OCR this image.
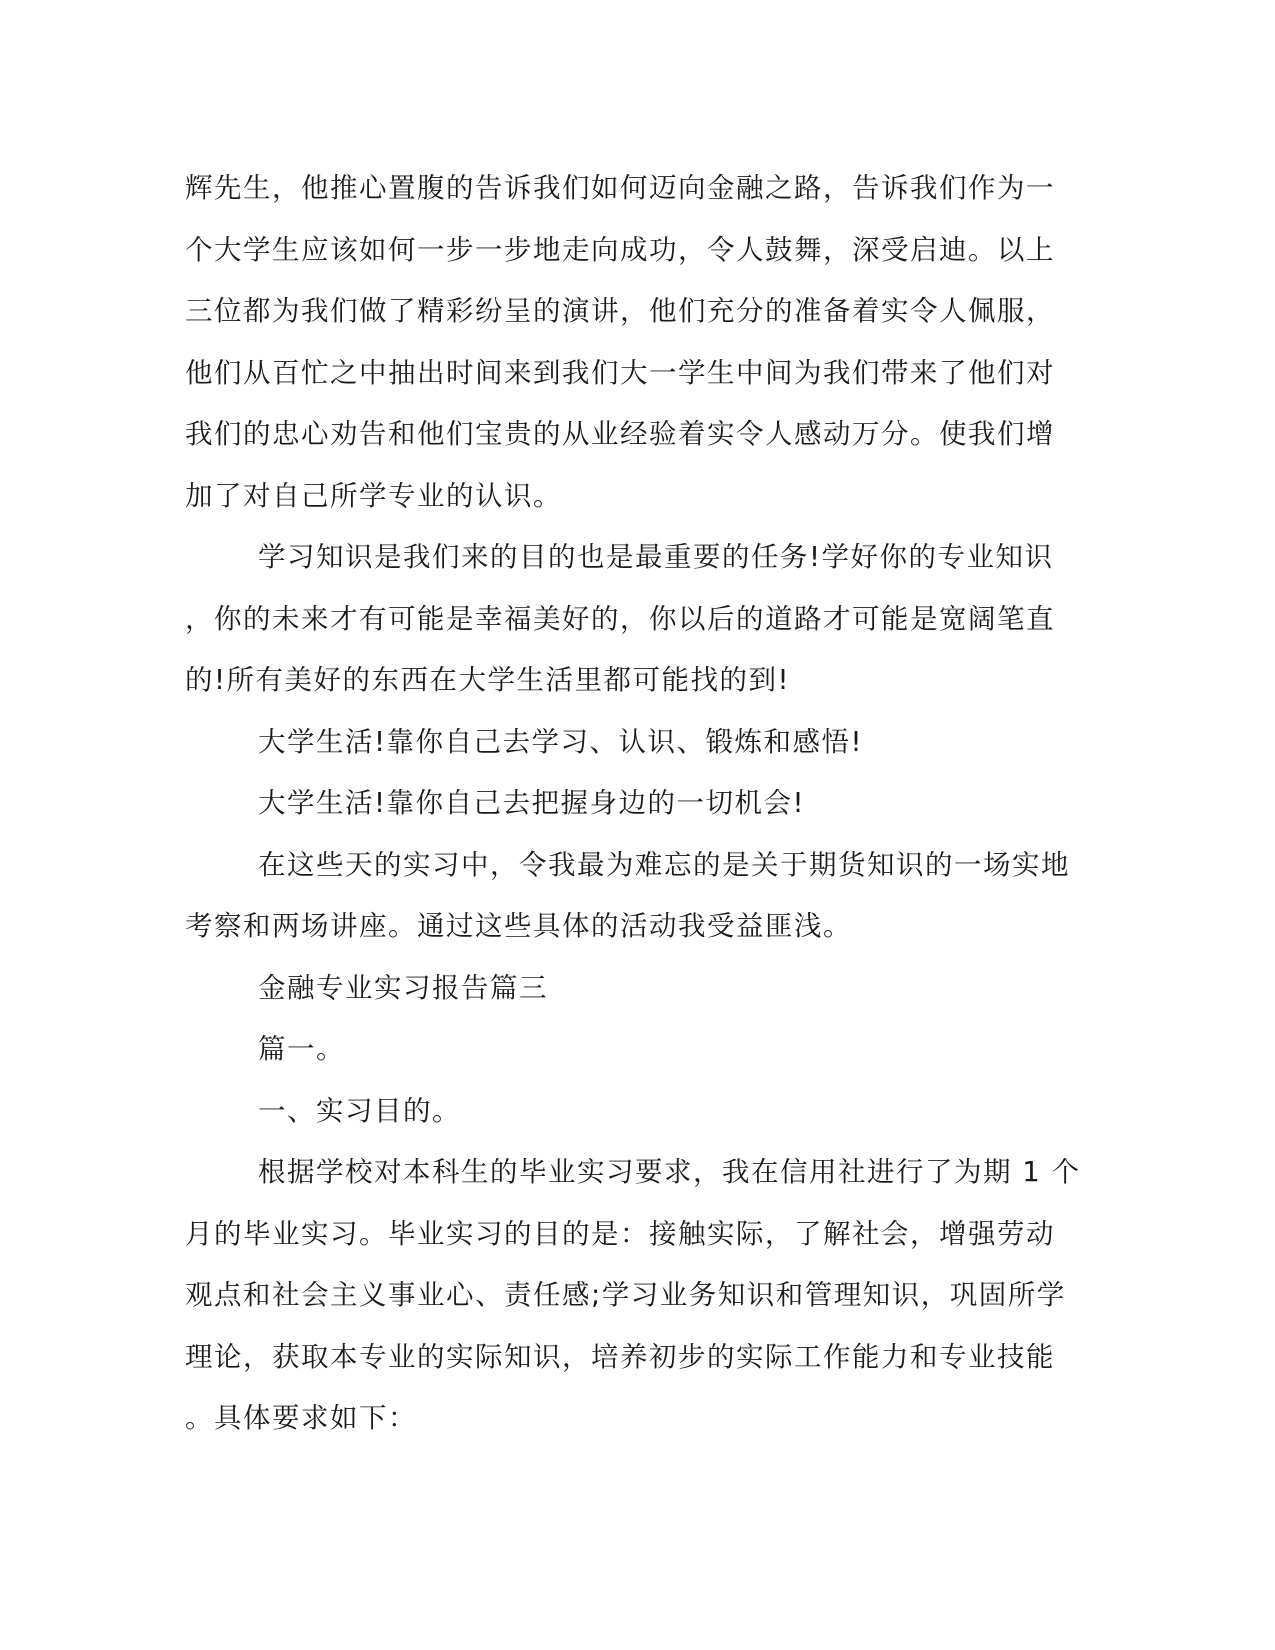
辉先生，他推心置腹的告诉我们如何迈向金融之路，告诉我们作为一
个大学生应该如何一步一步地走向成功，令人鼓舞，深受启迪。以上
三位都为我们做了精彩纷呈的演讲，他们充分的准备着实令人佩服，
他们从百忙之中抽出时间来到我们大一学生中间为我们带来了他们对
我们的忠心劝告和他们宝贵的从业经验着实令人感动万分。使我们增
加了对自己所学专业的认识。
学习知识是我们来的目的也是最重要的任务!学好你的专业知识
，你的未来才有可能是幸福美好的，你以后的道路才可能是宽阔笔直
的!所有美好的东西在大学生活里都可能找的到!
大学生活!靠你自己去学习、认识、锻炼和感悟!
大学生活!靠你自己去把握身边的一切机会!
在这些天的实习中，令我最为难忘的是关于期货知识的一场实地
考察和两场讲座。通过这些具体的活动我受益匪浅。
金融专业实习报告篇三
篇一。
一、实习目的。
根据学校对本科生的毕业实习要求，我在信用社进行了为期 1 个
月的毕业实习。毕业实习的目的是：接触实际，了解社会，增强劳动
观点和社会主义事业心、责任感;学习业务知识和管理知识，巩固所学
理论，获取本专业的实际知识，培养初步的实际工作能力和专业技能
。具体要求如下：
